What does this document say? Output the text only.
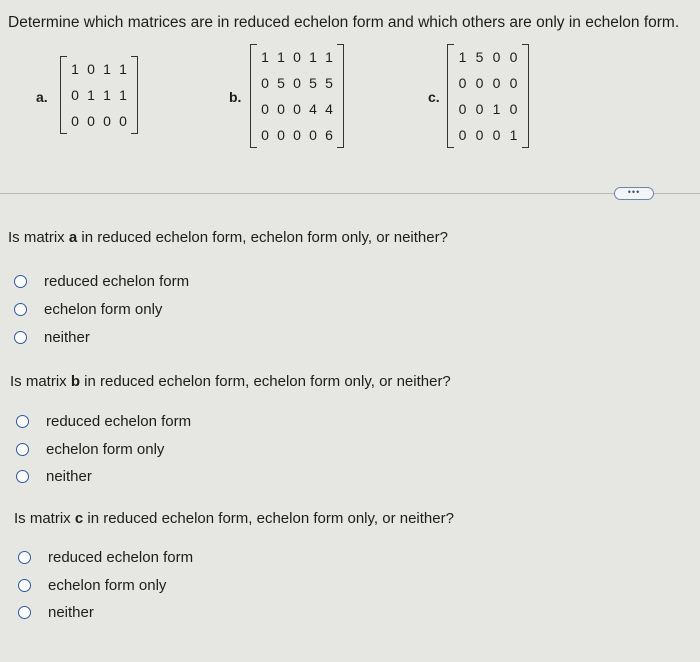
Determine which matrices are in reduced echelon form and which others are only in echelon form.
a.
1 0 1 1
0 1 1 1
0 0 0 0
b.
1 1 0 1 1
0 5 0 5 5
0 0 0 4 4
0 0 0 0 6
c.
1 5 0 0
0 0 0 0
0 0 1 0
0 0 0 1
•••
Is matrix a in reduced echelon form, echelon form only, or neither?
reduced echelon form
echelon form only
neither
Is matrix b in reduced echelon form, echelon form only, or neither?
reduced echelon form
echelon form only
neither
Is matrix c in reduced echelon form, echelon form only, or neither?
reduced echelon form
echelon form only
neither
